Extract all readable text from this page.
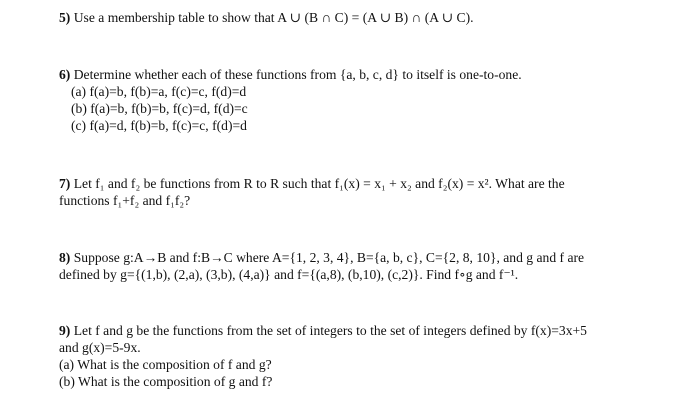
5) Use a membership table to show that A ∪ (B ∩ C) = (A ∪ B) ∩ (A ∪ C).
6) Determine whether each of these functions from {a, b, c, d} to itself is one-to-one.
(a) f(a)=b, f(b)=a, f(c)=c, f(d)=d
(b) f(a)=b, f(b)=b, f(c)=d, f(d)=c
(c) f(a)=d, f(b)=b, f(c)=c, f(d)=d
7) Let f₁ and f₂ be functions from R to R such that f₁(x) = x₁ + x₂ and f₂(x) = x². What are the
functions f₁+f₂ and f₁f₂?
8) Suppose g:A→B and f:B→C where A={1, 2, 3, 4}, B={a, b, c}, C={2, 8, 10}, and g and f are
defined by g={(1,b), (2,a), (3,b), (4,a)} and f={(a,8), (b,10), (c,2)}. Find f∘g and f⁻¹.
9) Let f and g be the functions from the set of integers to the set of integers defined by f(x)=3x+5
and g(x)=5-9x.
(a) What is the composition of f and g?
(b) What is the composition of g and f?
